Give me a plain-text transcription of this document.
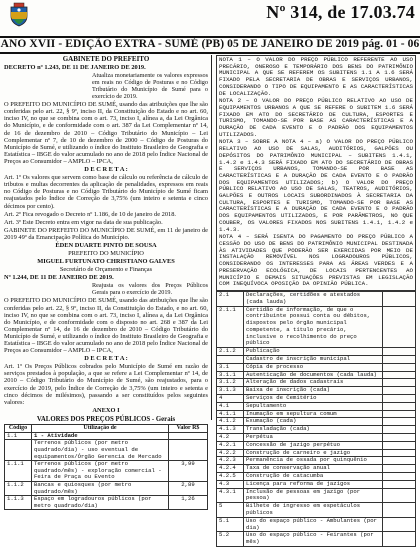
Nº 314, de 17.03.74
ANO XVII - EDIÇÃO EXTRA - SUMÉ (PB) 05 DE JANEIRO DE 2019 pág. 01 - 06

GABINETE DO PREFEITO

DECRETO nº 1.243, DE 11 DE JANEIRO DE 2019.

Atualiza monetariamente os valores expressos em reais no Código de Posturas e no Código Tributário do Município de Sumé para o exercício de 2019.

O PREFEITO DO MUNICÍPIO DE SUMÉ, usando das atribuições que lhe são conferidas pelo art. 22, § 9º, inciso II, da Constituição do Estado e no art. 60, inciso IV, no que se combina com o art. 73, inciso I, alínea a, da Lei Orgânica do Município, e de conformidade com o art. 387 da Lei Complementar nº 14, de 16 de dezembro de 2010 – Código Tributário do Município – Lei Complementar nº 7, de 10 de dezembro de 2000 – Código de Posturas do Município de Sumé, e utilizando o índice do Instituto Brasileiro de Geografia e Estatística – IBGE do valor acumulado no ano de 2018 pelo Índice Nacional de Preços ao Consumidor – AMPLO – IPCA,

D E C R E T A :

Art. 1º Os valores que servem como base de cálculo ou referência de cálculo de tributos e multas decorrentes da aplicação de penalidades, expressos em reais no Código de Posturas e no Código Tributário do Município de Sumé ficam reajustados pelo Índice de Correção de 3,75% (um inteiro e setenta e cinco décimos por cento).

Art. 2º Fica revogado o Decreto nº 1.186, de 10 de janeiro de 2018.

Art. 3º Este Decreto entra em vigor na data de sua publicação.

GABINETE DO PREFEITO DO MUNICÍPIO DE SUMÉ, em 11 de janeiro de 2019 49º da Emancipação Política do Município.

ÉDEN DUARTE PINTO DE SOUSA

PREFEITO DO MUNICÍPIO

MIGUEL FURTUNATO CHRISTIANO GALVES

Secretário de Orçamento e Finanças

Nº 1.244, DE 11 DE JANEIRO DE 2019.

Reajusta os valores dos Preços Públicos Gerais para o exercício de 2019.

O PREFEITO DO MUNICÍPIO DE SUMÉ, usando das atribuições que lhe são conferidas pelo art. 22, § 9º, inciso II, da Constituição do Estado, e no art. 60, inciso IV, no que se combina com o art. 73, inciso I, alínea a, da Lei Orgânica do Município, e de conformidade com o disposto no art. 268 e 387 da Lei Complementar nº 14, de 16 de dezembro de 2010 – Código Tributário do Município de Sumé, e utilizando o índice do Instituto Brasileiro de Geografia e Estatística – IBGE do valor acumulado no ano de 2018 pelo Índice Nacional de Preços ao Consumidor – AMPLO – IPCA,

D E C R E T A :

Art. 1º Os Preços Públicos cobrados pelo Município de Sumé em razão de serviços prestados à população, a que se refere a Lei Complementar nº 14, de 2010 – Código Tributário do Município de Sumé, são reajustados, para o exercício de 2019, pelo Índice de Correção de 3,75% (um inteiro e setenta e cinco décimos de milésimos), passando a ser constituídos pelos seguintes valores:

ANEXO I

VALORES DOS PREÇOS PÚBLICOS - Gerais

Código	Utilização de	Valor R$
1.1	1 - Atividade	
	Terrenos públicos (por metro quadrado/dia) - uso eventual de equipamentos/Órgão Gerencia de Mercado	
1.1.1	Terrenos públicos (por metro quadrado/mês) - exploração comercial - Feira de Praça ou Evento	3,99
1.1.2	Bancas e quiosques (por metro quadrado/mês)	2,89
1.1.3	Espaço em logradouros públicos (por metro quadrado/dia)	1,26

NOTA 1 – O VALOR DO PREÇO PÚBLICO REFERENTE AO USO PRECÁRIO, ONEROSO E TEMPORÁRIO DOS BENS DO PATRIMÔNIO MUNICIPAL A QUE SE REFEREM OS SUBITENS 1.1 A 1.6 SERÁ FIXADO PELA SECRETARIA DE OBRAS E SERVIÇOS URBANOS, CONSIDERANDO O TIPO DE EQUIPAMENTO E AS CARACTERÍSTICAS DE LOCALIZAÇÃO.

NOTA 2 – O VALOR DO PREÇO PÚBLICO RELATIVO AO USO DE EQUIPAMENTOS URBANOS A QUE SE REFERE O SUBITEM 1.6 SERÁ FIXADO EM ATO DO SECRETÁRIO DE CULTURA, ESPORTES E TURISMO, TOMANDO-SE POR BASE AS CARACTERÍSTICAS E A DURAÇÃO DE CADA EVENTO E O PADRÃO DOS EQUIPAMENTOS UTILIZADOS.

NOTA 3 – SOBRE A NOTA 4 – a) O VALOR DO PREÇO PÚBLICO RELATIVO AO USO DE SALAS, AUDITÓRIOS, GALPÕES OU DEPÓSITOS DO PATRIMÔNIO MUNICIPAL – SUBITENS 1.4.1, 1.4.2 e 1.4.3 SERÁ FIXADO EM ATO DO SECRETÁRIO DE OBRAS E SERVIÇOS URBANOS, TOMANDO-SE POR BASE AS CARACTERÍSTICAS E A DURAÇÃO DE CADA EVENTO E O PADRÃO DOS EQUIPAMENTOS UTILIZADOS; b) O VALOR DO PREÇO PÚBLICO RELATIVO AO USO DE SALAS, TEATROS, AUDITÓRIOS, GALPÕES E OUTROS LOCAIS SUBORDINADOS À SECRETARIA DA CULTURA, ESPORTES E TURISMO, TOMANDO-SE POR BASE AS CARACTERÍSTICAS E A DURAÇÃO DE CADA EVENTO E O PADRÃO DOS EQUIPAMENTOS UTILIZADOS, E POR PARÂMETROS, NO QUE COUBER, OS VALORES FIXADOS NOS SUBITENS 1.4.1, 1.4.2 e 1.4.3.

NOTA 4 – SERÁ ISENTA DO PAGAMENTO DO PREÇO PÚBLICO A CESSÃO DO USO DE BENS DO PATRIMÔNIO MUNICIPAL DESTINADA ÀS ATIVIDADES QUE PODERÃO SER EXERCIDAS POR MEIO DE INSTALAÇÃO REMOVÍVEL NOS LOGRADOUROS PÚBLICOS, CONSIDERANDO OS INTERESSES PARA AS ÁREAS VERDES E A PRESERVAÇÃO ECOLÓGICA, DE LOCAIS PERTENCENTES AO MUNICÍPIO E DEMAIS SITUAÇÕES PREVISTAS EM LEGISLAÇÃO COM INEQUÍVOCA OPOSIÇÃO DA OPINIÃO PÚBLICA.

2.1	Declarações, certidões e atestados (cada lauda)	
2.1.1	Certidão de informação, de que o contribuinte possui conta ou débitos, dispostos pelo órgão municipal competente, a título precário, inclusive o recolhimento do preço público	
2.1.2	Publicação	
	Cadastro de inscrição municipal	
3.1	Cópia de processo	
3.1.1	Autenticação de documentos (cada lauda)	
3.1.2	Alteração de dados cadastrais	
3.1.3	Baixa de inscrição (cada)	
4	Serviços de Cemitério	
4.1	Sepultamento	
4.1.1	Inumação em sepultura comum	
4.1.2	Exumação (cada)	
4.1.3	Transladação (cada)	
4.2	Perpétua	
4.2.1	Concessão de jazigo perpétuo	
4.2.2	Construção de carneiro e jazigo	
4.2.3	Permanência de ossada por quinquênio	
4.2.4	Taxa de conservação anual	
4.2.5	Construção de catacumba	
4.3	Licença para reforma de jazigos	
4.3.1	Inclusão de pessoas em jazigo (por pessoa)	
5	Bilhete de ingresso em espetáculos públicos	
5.1	Uso do espaço público - Ambulantes (por dia)	
5.2	Uso do espaço público - Feirantes (por mês)	
